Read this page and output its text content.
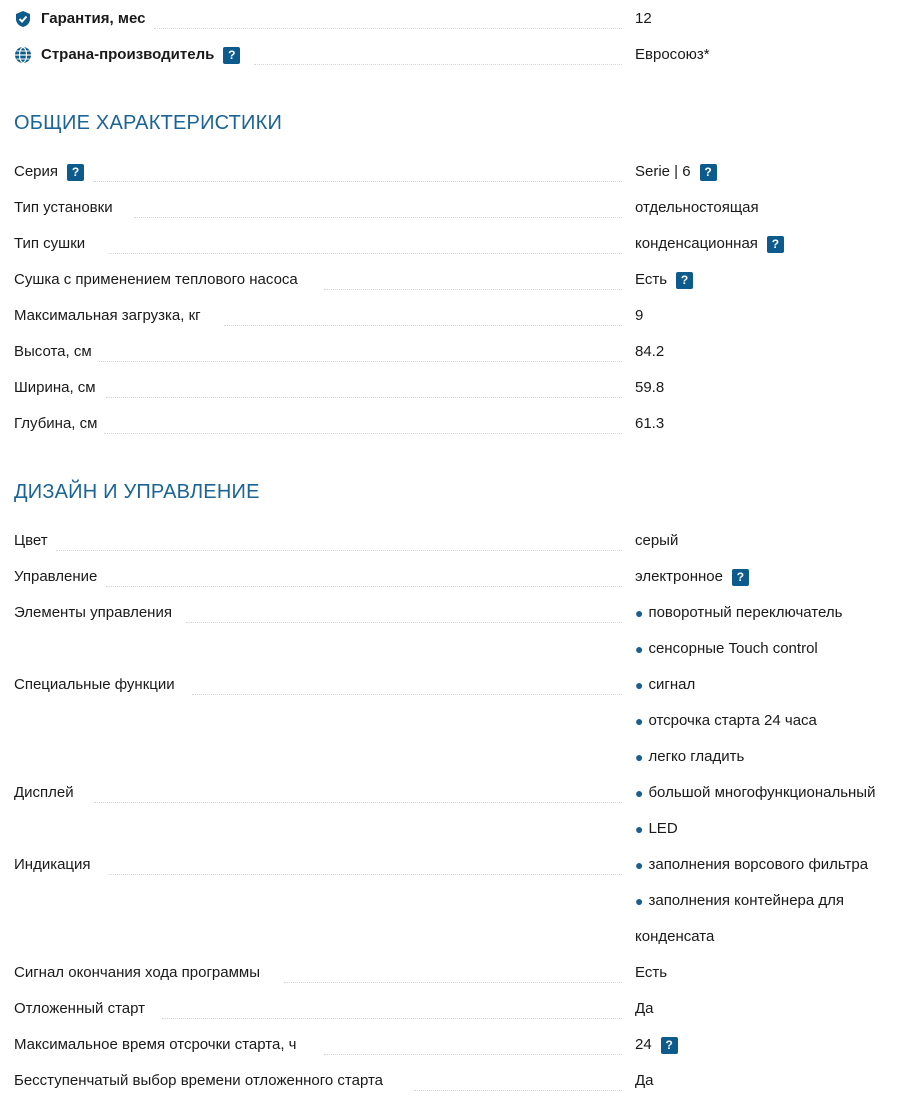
Гарантия, мес	12
Страна-производитель	?	Евросоюз*
ОБЩИЕ ХАРАКТЕРИСТИКИ
Серия	?	Serie | 6	?
Тип установки	отдельностоящая
Тип сушки	конденсационная	?
Сушка с применением теплового насоса	Есть	?
Максимальная загрузка, кг	9
Высота, см	84.2
Ширина, см	59.8
Глубина, см	61.3
ДИЗАЙН И УПРАВЛЕНИЕ
Цвет	серый
Управление	электронное	?
Элементы управления	● поворотный переключатель
● сенсорные Touch control
Специальные функции	● сигнал
● отсрочка старта 24 часа
● легко гладить
Дисплей	● большой многофункциональный
● LED
Индикация	● заполнения ворсового фильтра
● заполнения контейнера для
конденсата
Сигнал окончания хода программы	Есть
Отложенный старт	Да
Максимальное время отсрочки старта, ч	24	?
Бесступенчатый выбор времени отложенного старта	Да
